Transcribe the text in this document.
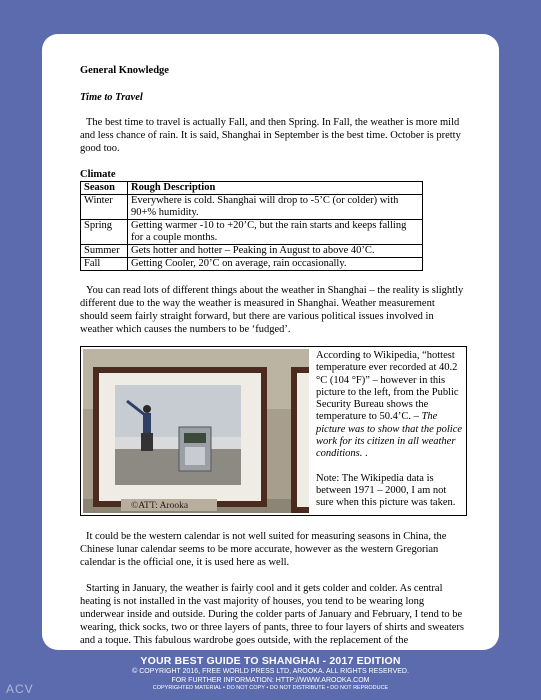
General Knowledge

Time to Travel

The best time to travel is actually Fall, and then Spring. In Fall, the weather is more mild and less chance of rain. It is said, Shanghai in September is the best time. October is pretty good too.

Climate

Season	Rough Description
Winter	Everywhere is cold. Shanghai will drop to -5’C (or colder) with 90+% humidity.
Spring	Getting warmer -10 to +20’C, but the rain starts and keeps falling for a couple months.
Summer	Gets hotter and hotter – Peaking in August to above 40’C.
Fall	Getting Cooler, 20’C on average, rain occasionally.

You can read lots of different things about the weather in Shanghai – the reality is slightly different due to the way the weather is measured in Shanghai. Weather measurement should seem fairly straight forward, but there are various political issues involved in weather which causes the numbers to be ‘fudged’.

©ATT: Arooka

According to Wikipedia, “hottest temperature ever recorded at 40.2 °C (104 °F)” – however in this picture to the left, from the Public Security Bureau shows the temperature to 50.4’C. – The picture was to show that the police work for its citizen in all weather conditions. .

Note: The Wikipedia data is between 1971 – 2000, I am not sure when this picture was taken.

It could be the western calendar is not well suited for measuring seasons in China, the Chinese lunar calendar seems to be more accurate, however as the western Gregorian calendar is the official one, it is used here as well.

Starting in January, the weather is fairly cool and it gets colder and colder. As central heating is not installed in the vast majority of houses, you tend to be wearing long underwear inside and outside. During the colder parts of January and February, I tend to be wearing, thick socks, two or three layers of pants, three to four layers of shirts and sweaters and a toque. This fabulous wardrobe goes outside, with the replacement of the

YOUR BEST GUIDE TO SHANGHAI - 2017 EDITION
© COPYRIGHT 2016, FREE WORLD PRESS LTD, AROOKA. ALL RIGHTS RESERVED.
FOR FURTHER INFORMATION: HTTP://WWW.AROOKA.COM
COPYRIGHTED MATERIAL • DO NOT COPY • DO NOT DISTRIBUTE • DO NOT REPRODUCE
ACV
